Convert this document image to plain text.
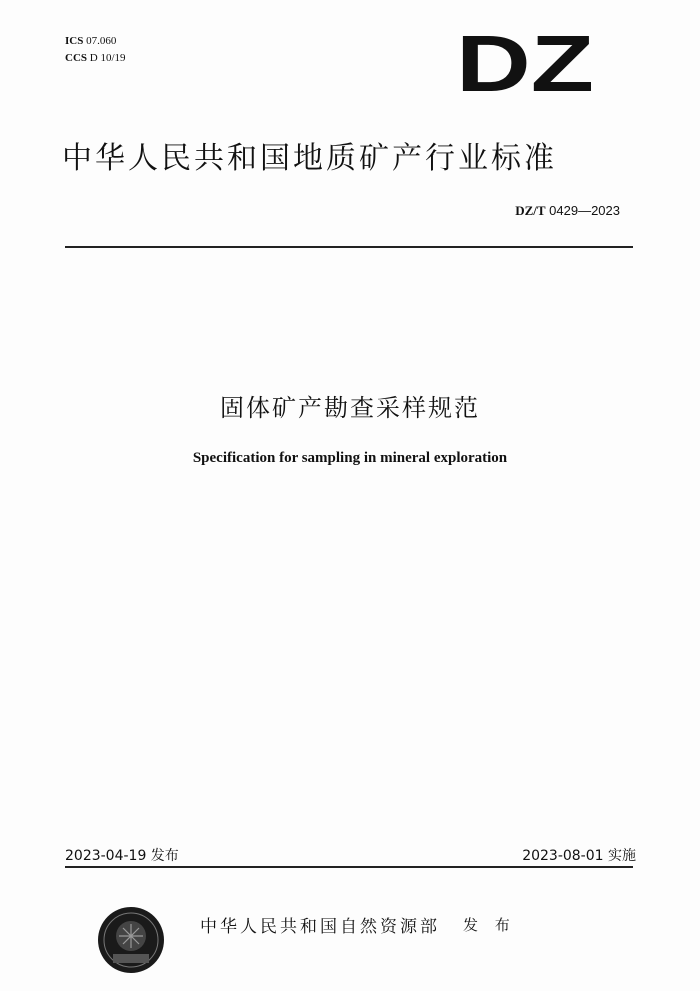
ICS 07.060
CCS D 10/19	DZ
中华人民共和国地质矿产行业标准
DZ/T 0429—2023
固体矿产勘查采样规范
Specification for sampling in mineral exploration
2023-04-19 发布	2023-08-01 实施
中华人民共和国自然资源部 发 布
